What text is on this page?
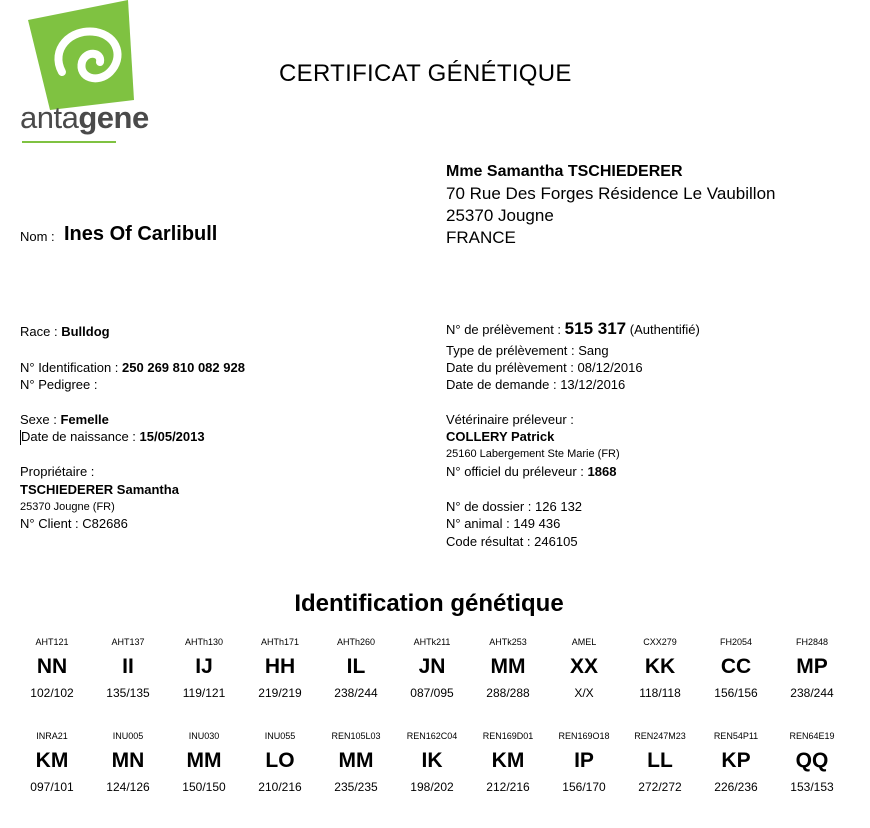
antagene
CERTIFICAT GÉNÉTIQUE
Mme Samantha TSCHIEDERER
70 Rue Des Forges Résidence Le Vaubillon
25370 Jougne
FRANCE
Nom : Ines Of Carlibull
Race : Bulldog
N° Identification : 250 269 810 082 928
N° Pedigree :
Sexe : Femelle
Date de naissance : 15/05/2013
Propriétaire :
TSCHIEDERER Samantha
25370 Jougne (FR)
N° Client : C82686
N° de prélèvement : 515 317 (Authentifié)
Type de prélèvement : Sang
Date du prélèvement : 08/12/2016
Date de demande : 13/12/2016
Vétérinaire préleveur :
COLLERY Patrick
25160 Labergement Ste Marie (FR)
N° officiel du préleveur : 1868
N° de dossier : 126 132
N° animal : 149 436
Code résultat : 246105
Identification génétique
AHT121
NN
102/102
AHT137
II
135/135
AHTh130
IJ
119/121
AHTh171
HH
219/219
AHTh260
IL
238/244
AHTk211
JN
087/095
AHTk253
MM
288/288
AMEL
XX
X/X
CXX279
KK
118/118
FH2054
CC
156/156
FH2848
MP
238/244
INRA21
KM
097/101
INU005
MN
124/126
INU030
MM
150/150
INU055
LO
210/216
REN105L03
MM
235/235
REN162C04
IK
198/202
REN169D01
KM
212/216
REN169O18
IP
156/170
REN247M23
LL
272/272
REN54P11
KP
226/236
REN64E19
QQ
153/153
